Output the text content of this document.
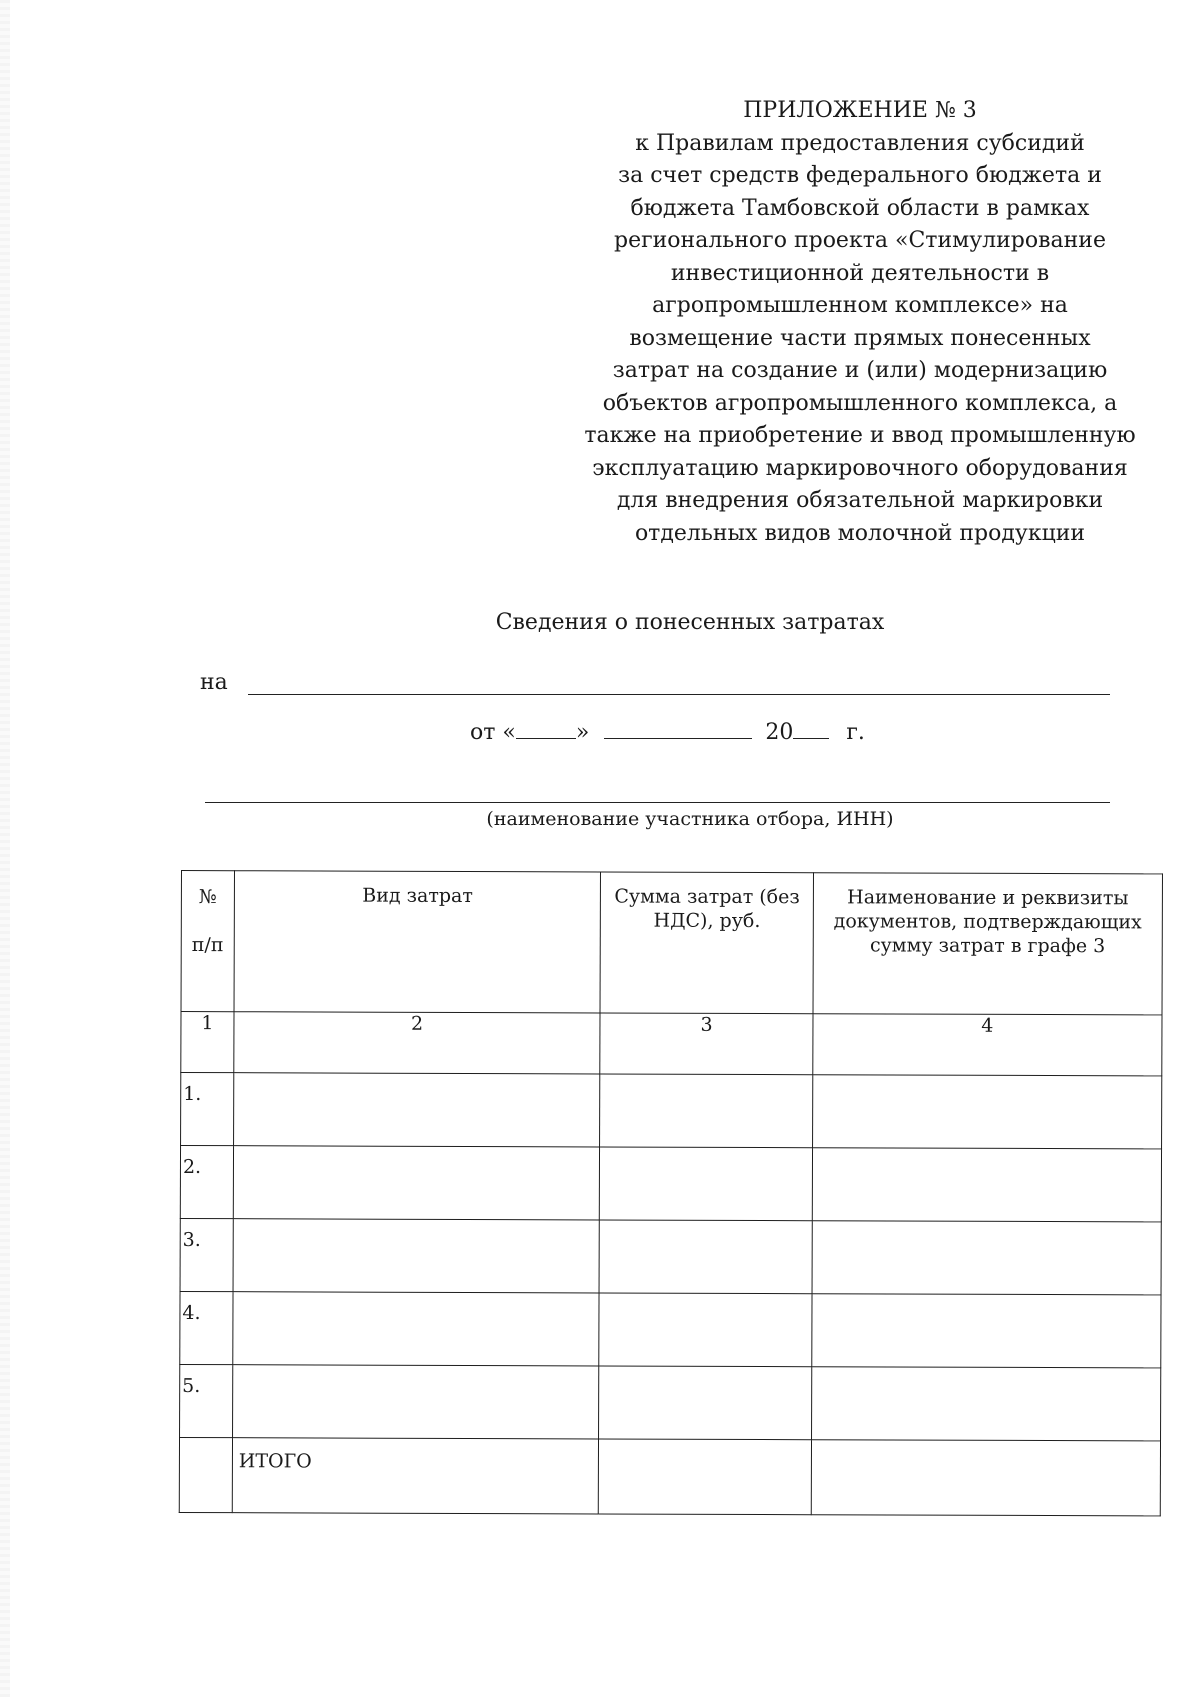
ПРИЛОЖЕНИЕ № 3
к Правилам предоставления субсидий
за счет средств федерального бюджета и
бюджета Тамбовской области в рамках
регионального проекта «Стимулирование
инвестиционной деятельности в
агропромышленном комплексе» на
возмещение части прямых понесенных
затрат на создание и (или) модернизацию
объектов агропромышленного комплекса, а
также на приобретение и ввод промышленную
эксплуатацию маркировочного оборудования
для внедрения обязательной маркировки
отдельных видов молочной продукции
Сведения о понесенных затратах
на
от «	»	20 г.
(наименование участника отбора, ИНН)
№
п/п	Вид затрат	Сумма затрат (без НДС), руб.	Наименование и реквизиты документов, подтверждающих сумму затрат в графе 3
1	2	3	4
1.			
2.			
3.			
4.			
5.			
	ИТОГО		
